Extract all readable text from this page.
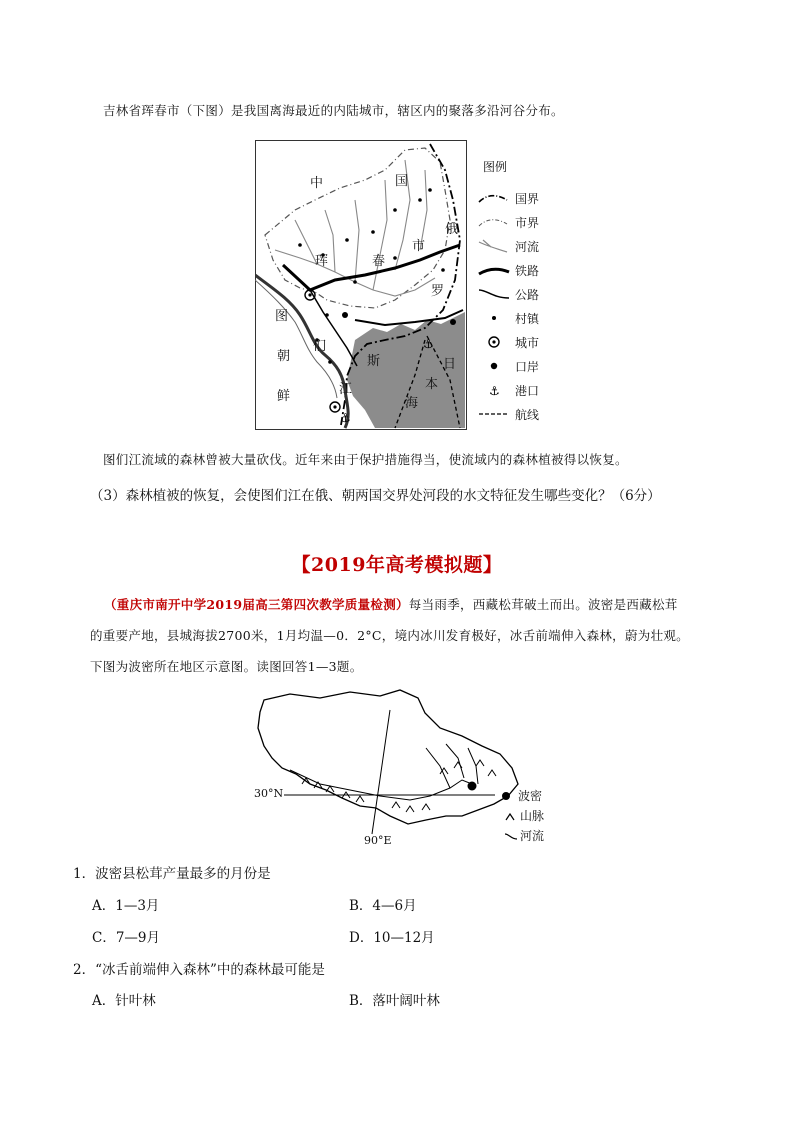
吉林省珲春市（下图）是我国离海最近的内陆城市，辖区内的聚落多沿河谷分布。
⚓
⚓
中	国
珲	春
市
俄
罗
图
朝
们
鲜
斯
江
日
本
海
图例
国界
市界
河流
铁路
公路
村镇
城市
口岸
⚓ 港口
航线
图们江流域的森林曾被大量砍伐。近年来由于保护措施得当，使流域内的森林植被得以恢复。
（3）森林植被的恢复，会使图们江在俄、朝两国交界处河段的水文特征发生哪些变化？（6分）
【2019年高考模拟题】
（重庆市南开中学2019届高三第四次教学质量检测）每当雨季，西藏松茸破土而出。波密是西藏松茸
的重要产地，县城海拔2700米，1月均温—0．2°C，境内冰川发育极好，冰舌前端伸入森林，蔚为壮观。
下图为波密所在地区示意图。读图回答1—3题。
30°N
90°E
波密
山脉
河流
1．波密县松茸产量最多的月份是
A．1—3月	B．4—6月
C．7—9月	D．10—12月
2．“冰舌前端伸入森林”中的森林最可能是
A．针叶林	B．落叶阔叶林
